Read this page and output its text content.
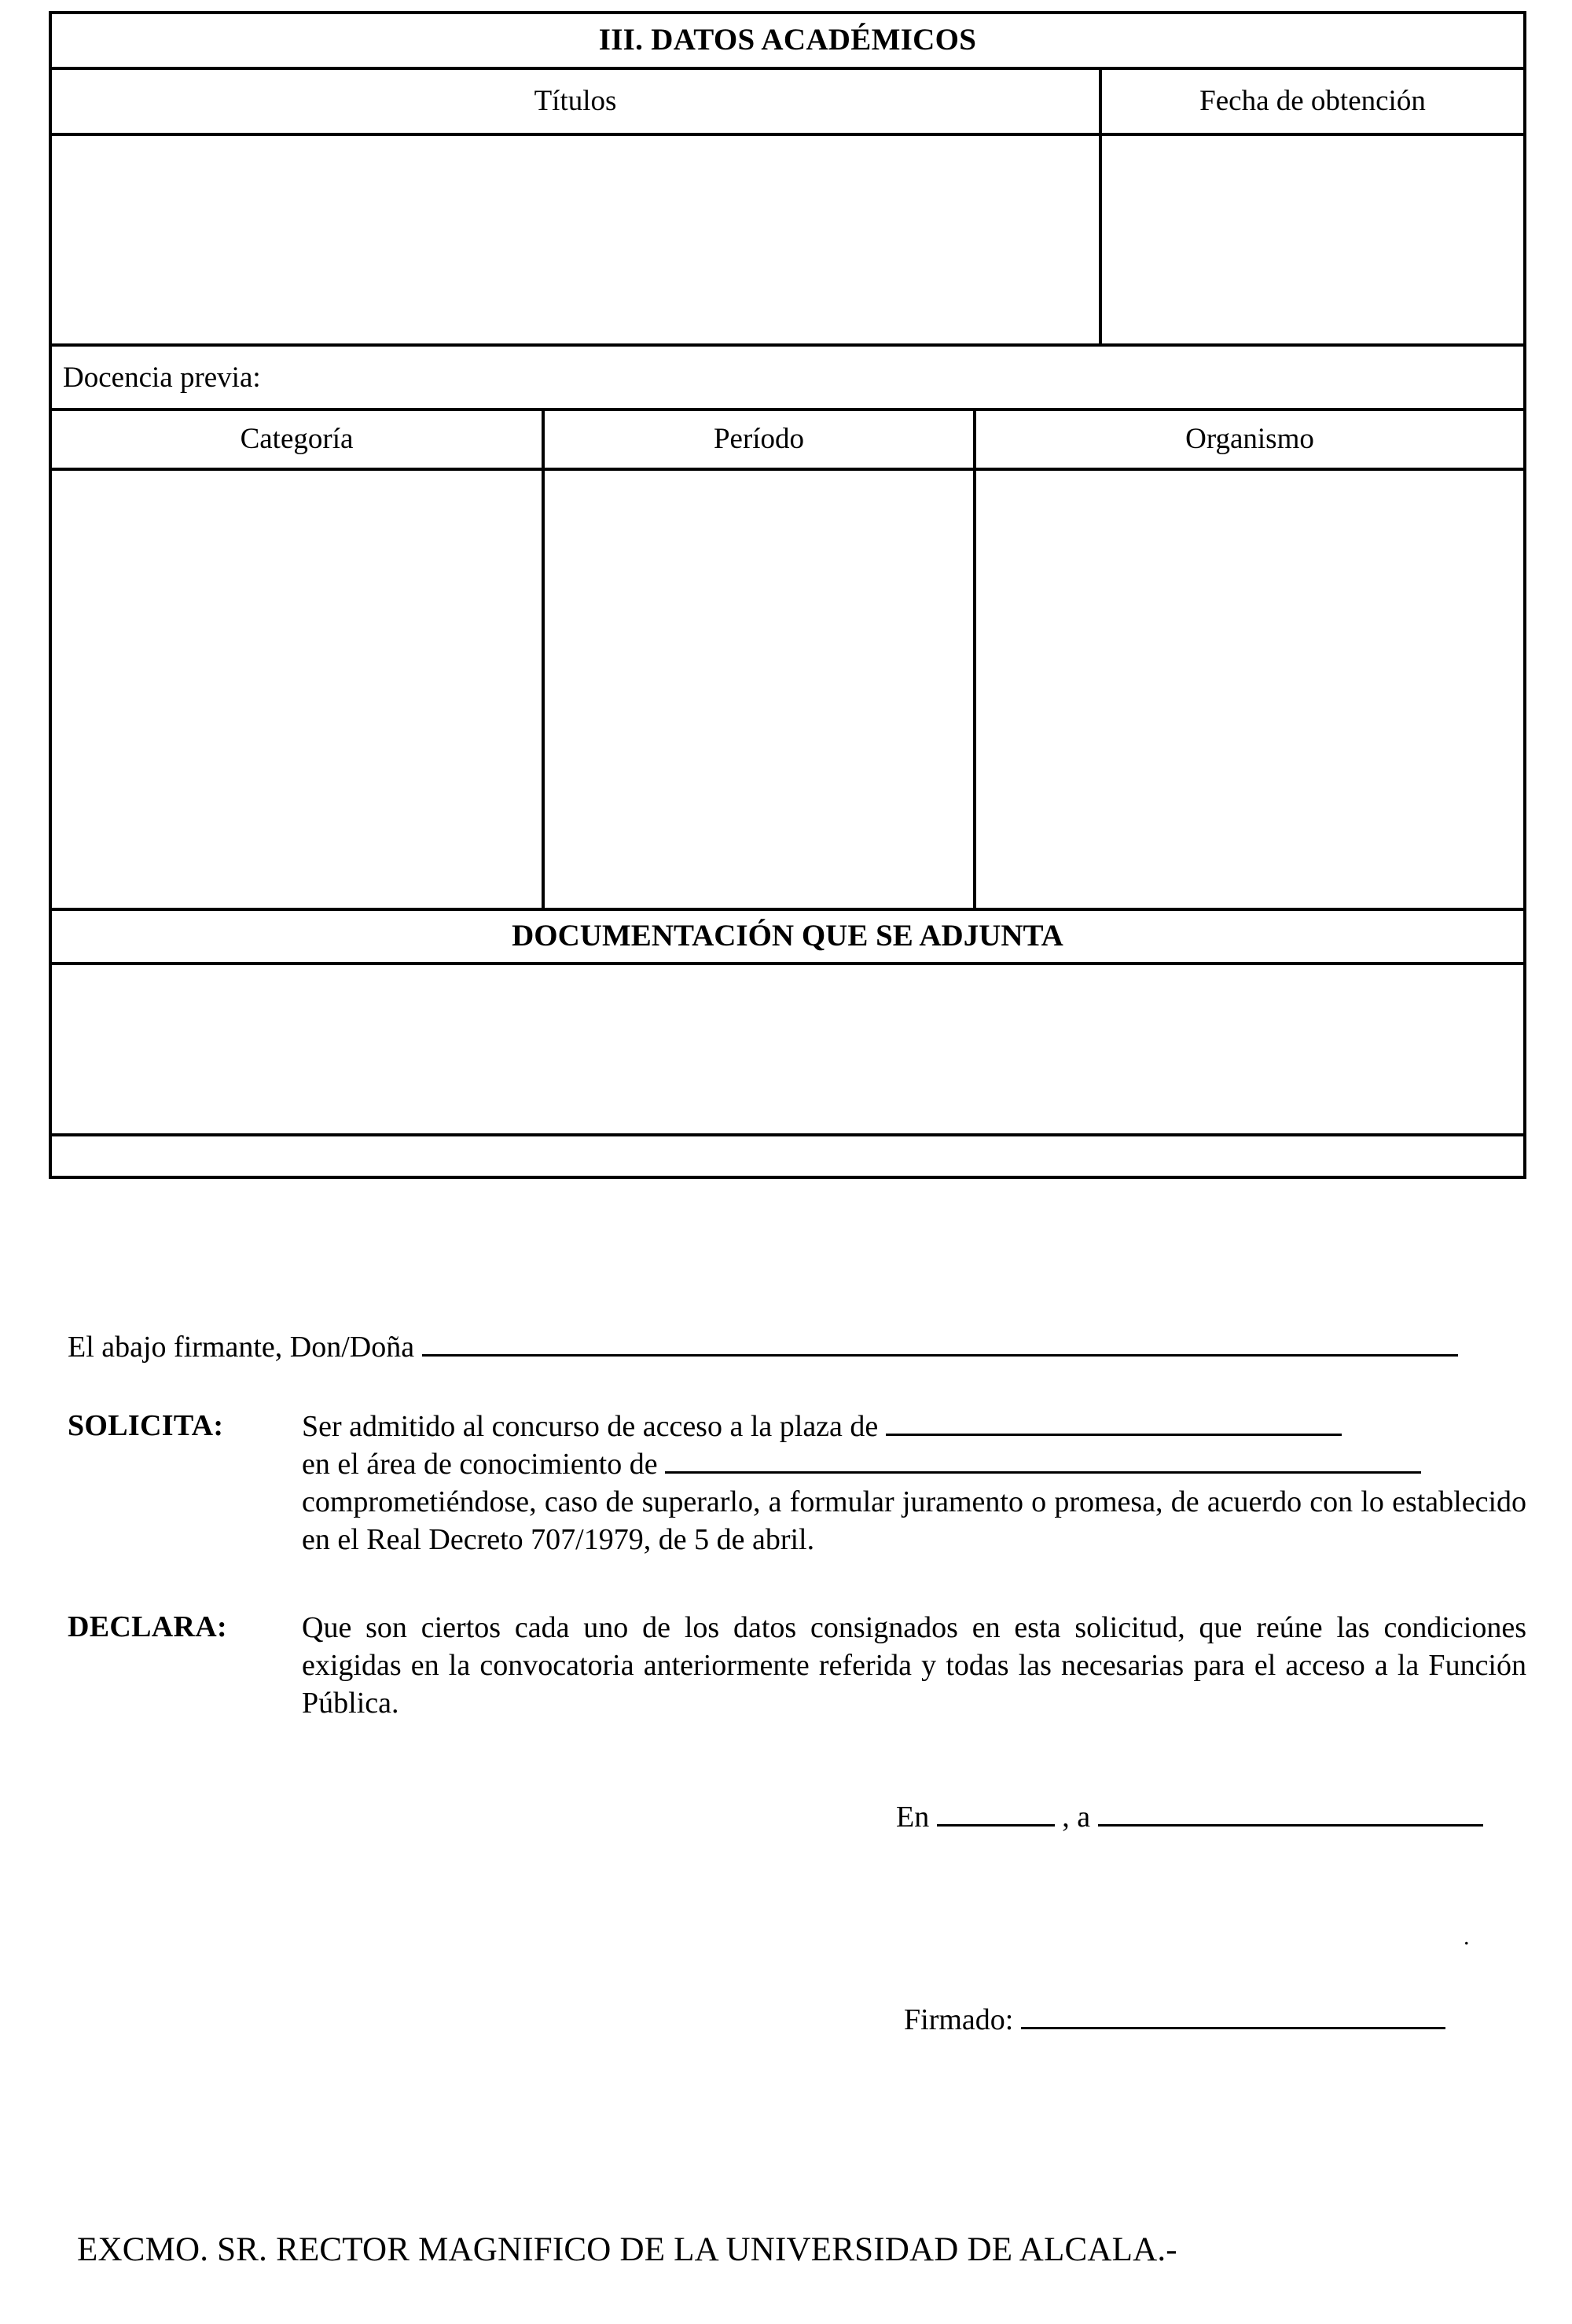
III. DATOS ACADÉMICOS
Títulos	Fecha de obtención
Docencia previa:
Categoría	Período	Organismo
DOCUMENTACIÓN QUE SE ADJUNTA
El abajo firmante, Don/Doña
SOLICITA:	Ser admitido al concurso de acceso a la plaza de
en el área de conocimiento de
comprometiéndose, caso de superarlo, a formular juramento o promesa, de acuerdo con lo establecido en el Real Decreto 707/1979, de 5 de abril.
DECLARA:	Que son ciertos cada uno de los datos consignados en esta solicitud, que reúne las condiciones exigidas en la convocatoria anteriormente referida y todas las necesarias para el acceso a la Función Pública.
En	, a
.
Firmado:
EXCMO. SR. RECTOR MAGNIFICO DE LA UNIVERSIDAD DE ALCALA.-
